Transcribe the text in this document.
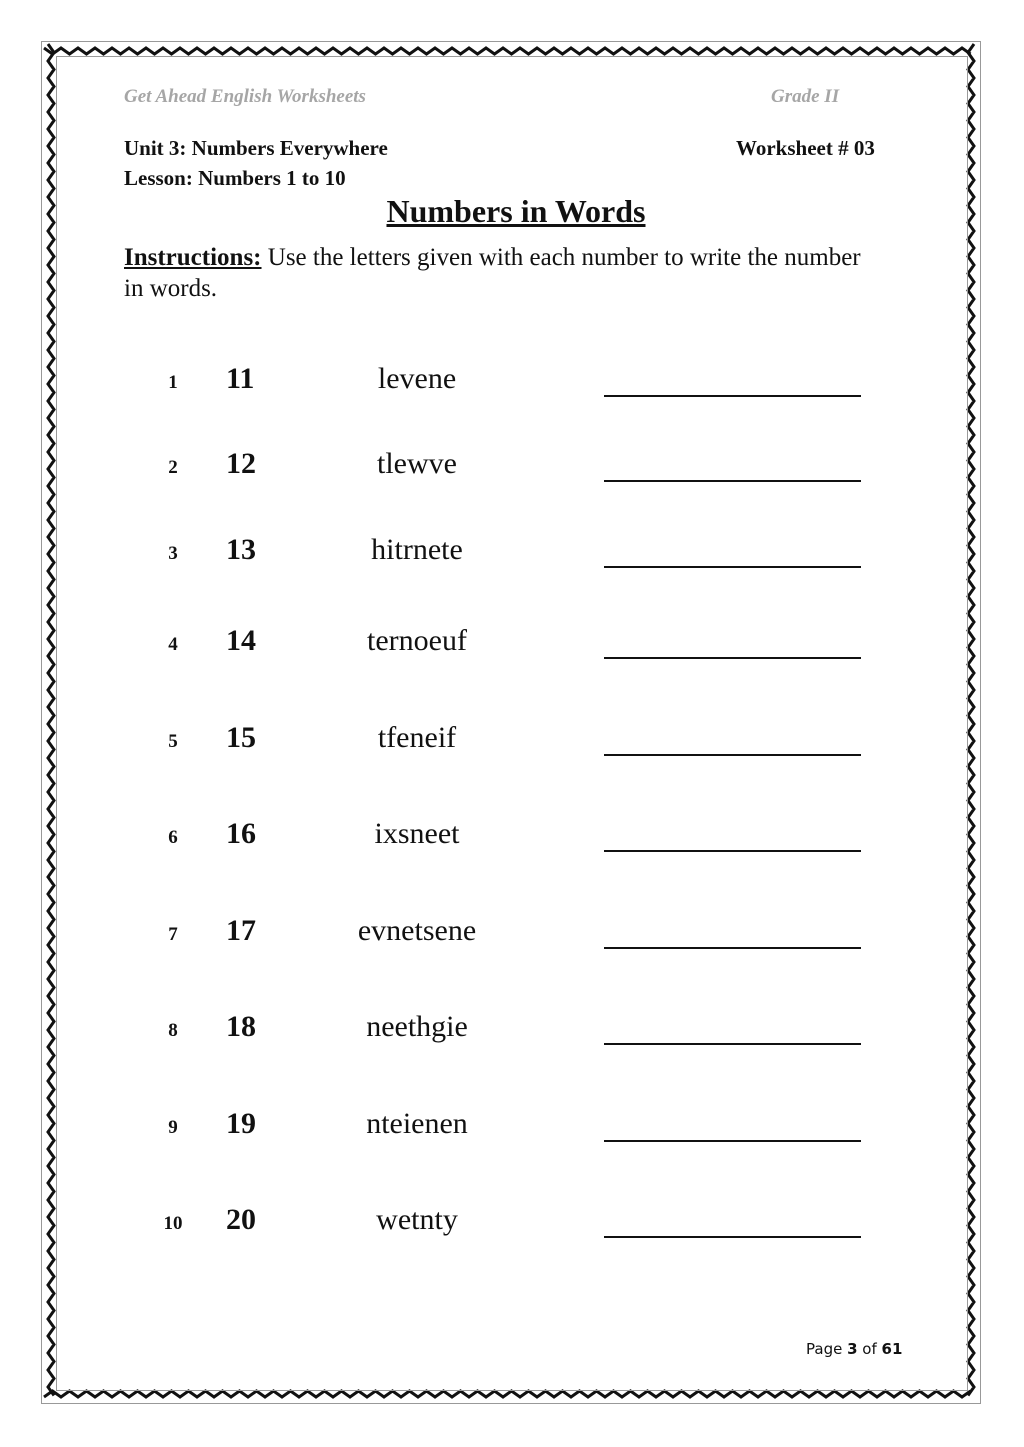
Get Ahead English Worksheets	Grade II
Unit 3: Numbers Everywhere	Worksheet # 03
Lesson: Numbers 1 to 10
Numbers in Words
Instructions: Use the letters given with each number to write the number in words.
1	11	levene
2	12	tlewve
3	13	hitrnete
4	14	ternoeuf
5	15	tfeneif
6	16	ixsneet
7	17	evnetsene
8	18	neethgie
9	19	nteienen
10	20	wetnty
Page 3 of 61
